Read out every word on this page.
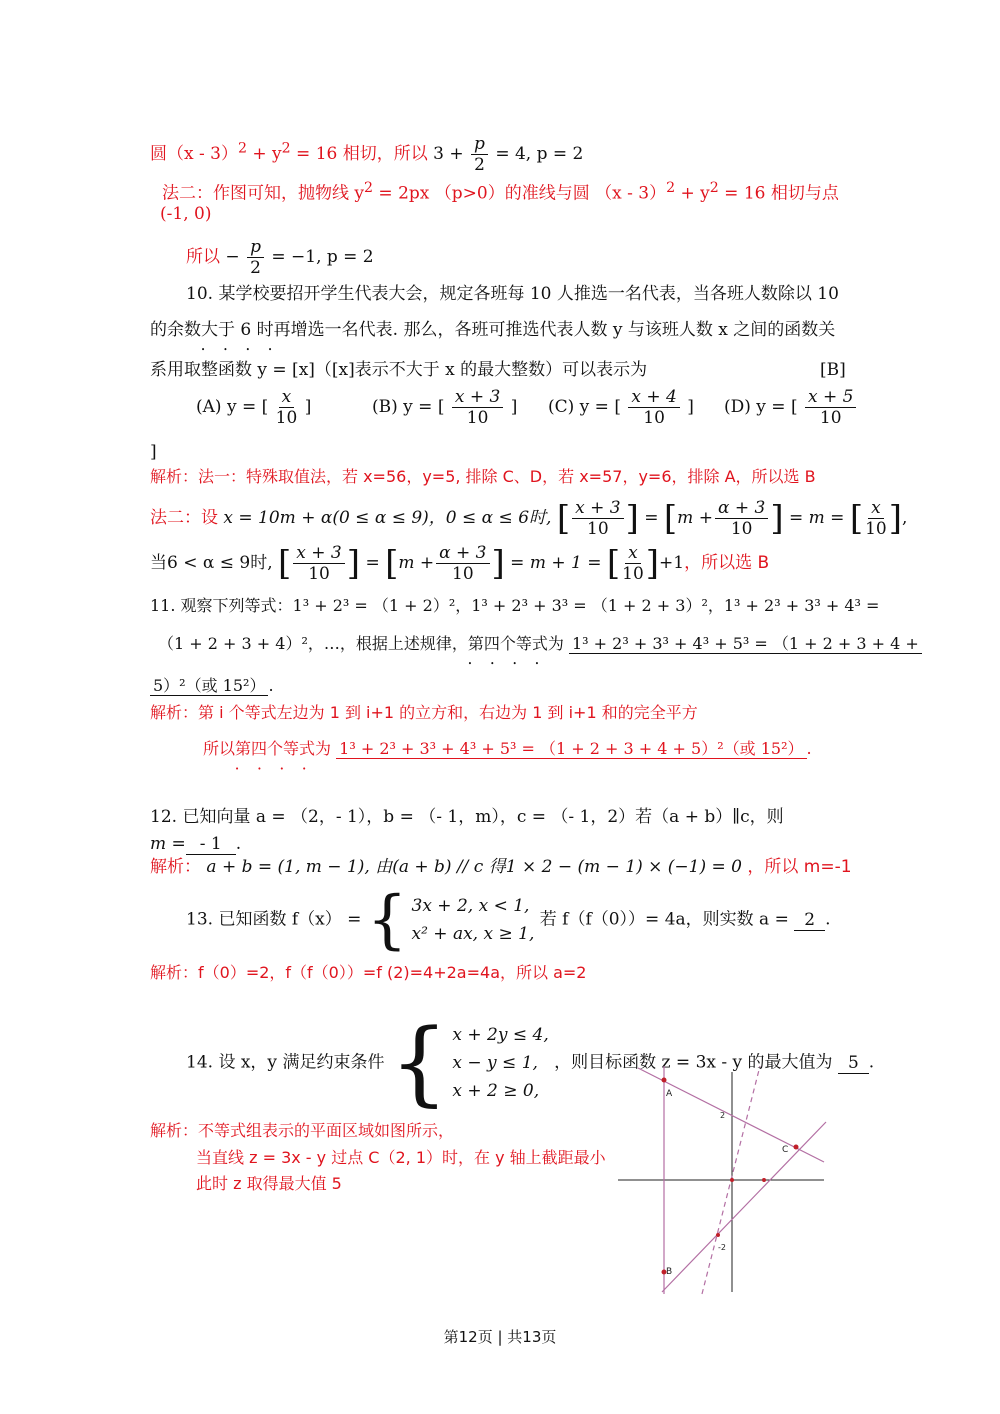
圆$(x - 3)^2 + y^2 = 16$ 相切，所以 $3 + \frac{p}{2} = 4$, p = 2
法二：作图可知，抛物线 $y^2 = 2px$ （p>0）的准线与圆 $(x - 3)^2 + y^2 = 16$ 相切与点
(-1, 0)
所以 − $\frac{p}{2} = -1$, p = 2
10. 某学校要招开学生代表大会，规定各班每 10 人推选一名代表，当各班人数除以 10
的余数大于 6 • • • • 时再增选一名代表. 那么，各班可推选代表人数 y 与该班人数 x 之间的函数关
系用取整函数 y = [x]（[x]表示不大于 x 的最大整数）可以表示为	[B]
(A) y = [ $\frac{x}{10}$ ]	(B) y = [ $\frac{x + 3}{10}$ ] (C) y = [ $\frac{x + 4}{10}$ ] (D) y = [ $\frac{x + 5}{10}$
]
解析：法一：特殊取值法，若 x=56，y=5, 排除 C、D，若 x=57，y=6，排除 A，所以选 B
法二：设 x = 10m + α(0 ≤ α ≤ 9)，0 ≤ α ≤ 6时, [ $\frac{x + 3}{10}$ ] = [$m + \frac{\alpha + 3}{10}$ ] = m = [ $\frac{x}{10}$ ],
当6 < α ≤ 9时, [ $\frac{x + 3}{10}$ ] = [$m + \frac{\alpha + 3}{10}$ ] = m + 1 = [ $\frac{x}{10} ]+1$，所以选 B
11. 观察下列等式：1³ + 2³ = （1 + 2）²，1³ + 2³ + 3³ = （1 + 2 + 3）²，1³ + 2³ + 3³ + 4³ =
（1 + 2 + 3 + 4）²，…，根据上述规律，第四个 • • • •等式为 1³ + 2³ + 3³ + 4³ + 5³ = （1 + 2 + 3 + 4 +
5）²（或 15²） .
解析：第 i 个等式左边为 1 到 i+1 的立方和，右边为 1 到 i+1 和的完全平方
所以第四个 • • • •等式为 1³ + 2³ + 3³ + 4³ + 5³ = （1 + 2 + 3 + 4 + 5）²（或 15²） .
12. 已知向量 a = （2，- 1），b = （- 1，m），c = （- 1，2）若（a + b）∥c，则
m = - 1 .
解析： a + b = (1, m − 1), 由(a + b) // c 得1 × 2 − (m − 1) × (−1) = 0 ，所以 m=-1
13. 已知函数 f（x） = { 3x + 2, x < 1,
x² + ax, x ≥ 1,
若 f（f（0））= 4a，则实数 a = 2 .
解析：f（0）=2，f（f（0））=f (2)=4+2a=4a，所以 a=2
14. 设 x，y 满足约束条件 { x + 2y ≤ 4,
x − y ≤ 1,
x + 2 ≥ 0,
，则目标函数 z = 3x - y 的最大值为 5 .
解析：不等式组表示的平面区域如图所示，
当直线 z = 3x - y 过点 C（2, 1）时，在 y 轴上截距最小
此时 z 取得最大值 5
A
B
C
2
-2
第12页 | 共13页
